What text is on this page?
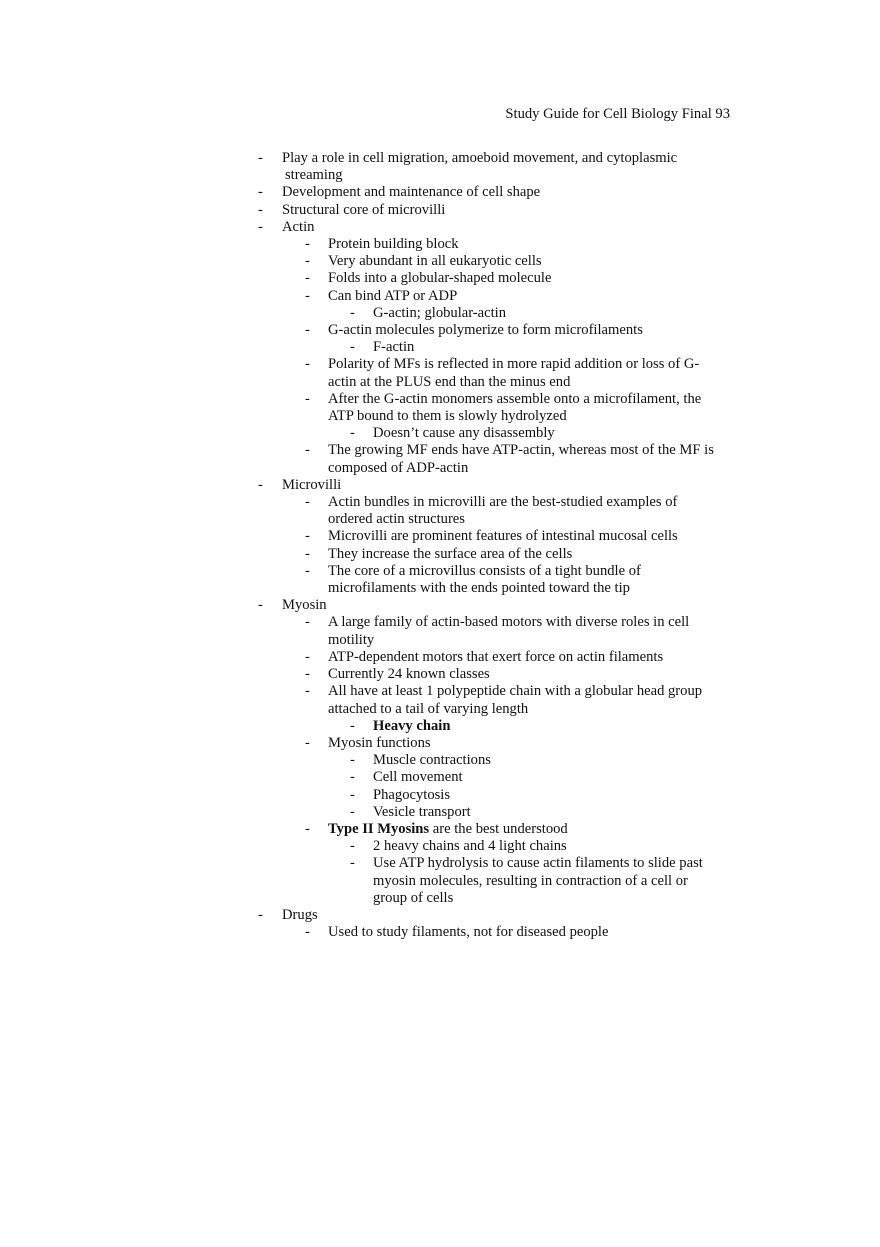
Study Guide for Cell Biology Final 93
- Play a role in cell migration, amoeboid movement, and cytoplasmic
streaming
- Development and maintenance of cell shape
- Structural core of microvilli
- Actin
- Protein building block
- Very abundant in all eukaryotic cells
- Folds into a globular-shaped molecule
- Can bind ATP or ADP
- G-actin; globular-actin
- G-actin molecules polymerize to form microfilaments
- F-actin
- Polarity of MFs is reflected in more rapid addition or loss of G-
actin at the PLUS end than the minus end
- After the G-actin monomers assemble onto a microfilament, the
ATP bound to them is slowly hydrolyzed
- Doesn’t cause any disassembly
- The growing MF ends have ATP-actin, whereas most of the MF is
composed of ADP-actin
- Microvilli
- Actin bundles in microvilli are the best-studied examples of
ordered actin structures
- Microvilli are prominent features of intestinal mucosal cells
- They increase the surface area of the cells
- The core of a microvillus consists of a tight bundle of
microfilaments with the ends pointed toward the tip
- Myosin
- A large family of actin-based motors with diverse roles in cell
motility
- ATP-dependent motors that exert force on actin filaments
- Currently 24 known classes
- All have at least 1 polypeptide chain with a globular head group
attached to a tail of varying length
- Heavy chain
- Myosin functions
- Muscle contractions
- Cell movement
- Phagocytosis
- Vesicle transport
- Type II Myosins are the best understood
- 2 heavy chains and 4 light chains
- Use ATP hydrolysis to cause actin filaments to slide past
myosin molecules, resulting in contraction of a cell or
group of cells
- Drugs
- Used to study filaments, not for diseased people
